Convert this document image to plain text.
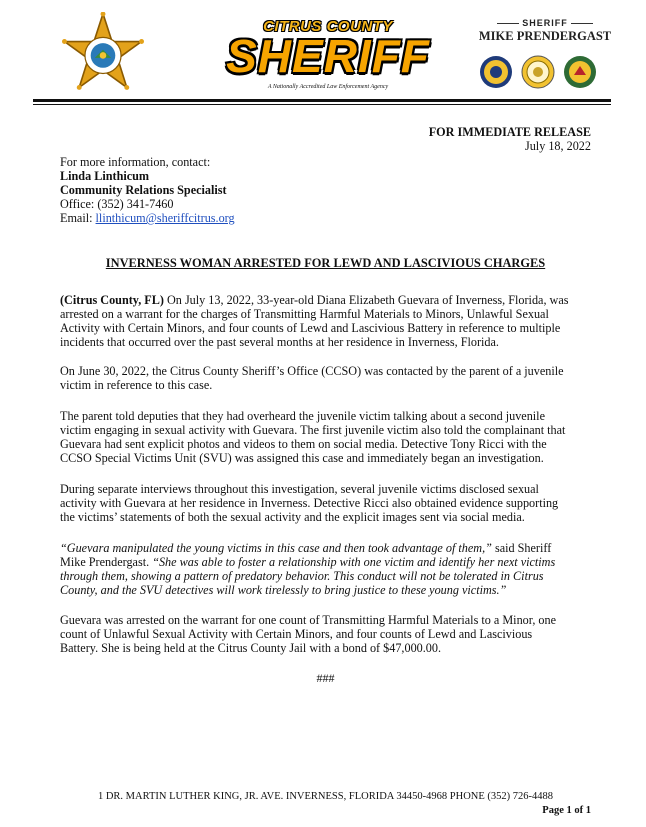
CITRUS COUNTY
SHERIFF
A Nationally Accredited Law Enforcement Agency
SHERIFF
MIKE PRENDERGAST
FOR IMMEDIATE RELEASE
July 18, 2022
For more information, contact:
Linda Linthicum
Community Relations Specialist
Office: (352) 341-7460
Email: llinthicum@sheriffcitrus.org
INVERNESS WOMAN ARRESTED FOR LEWD AND LASCIVIOUS CHARGES
(Citrus County, FL) On July 13, 2022, 33-year-old Diana Elizabeth Guevara of Inverness, Florida, was
arrested on a warrant for the charges of Transmitting Harmful Materials to Minors, Unlawful Sexual
Activity with Certain Minors, and four counts of Lewd and Lascivious Battery in reference to multiple
incidents that occurred over the past several months at her residence in Inverness, Florida.
On June 30, 2022, the Citrus County Sheriff’s Office (CCSO) was contacted by the parent of a juvenile
victim in reference to this case.
The parent told deputies that they had overheard the juvenile victim talking about a second juvenile
victim engaging in sexual activity with Guevara. The first juvenile victim also told the complainant that
Guevara had sent explicit photos and videos to them on social media. Detective Tony Ricci with the
CCSO Special Victims Unit (SVU) was assigned this case and immediately began an investigation.
During separate interviews throughout this investigation, several juvenile victims disclosed sexual
activity with Guevara at her residence in Inverness. Detective Ricci also obtained evidence supporting
the victims’ statements of both the sexual activity and the explicit images sent via social media.
“Guevara manipulated the young victims in this case and then took advantage of them,” said Sheriff
Mike Prendergast. “She was able to foster a relationship with one victim and identify her next victims
through them, showing a pattern of predatory behavior. This conduct will not be tolerated in Citrus
County, and the SVU detectives will work tirelessly to bring justice to these young victims.”
Guevara was arrested on the warrant for one count of Transmitting Harmful Materials to a Minor, one
count of Unlawful Sexual Activity with Certain Minors, and four counts of Lewd and Lascivious
Battery. She is being held at the Citrus County Jail with a bond of $47,000.00.
###
1 DR. MARTIN LUTHER KING, JR. AVE. INVERNESS, FLORIDA 34450-4968 PHONE (352) 726-4488
Page 1 of 1
